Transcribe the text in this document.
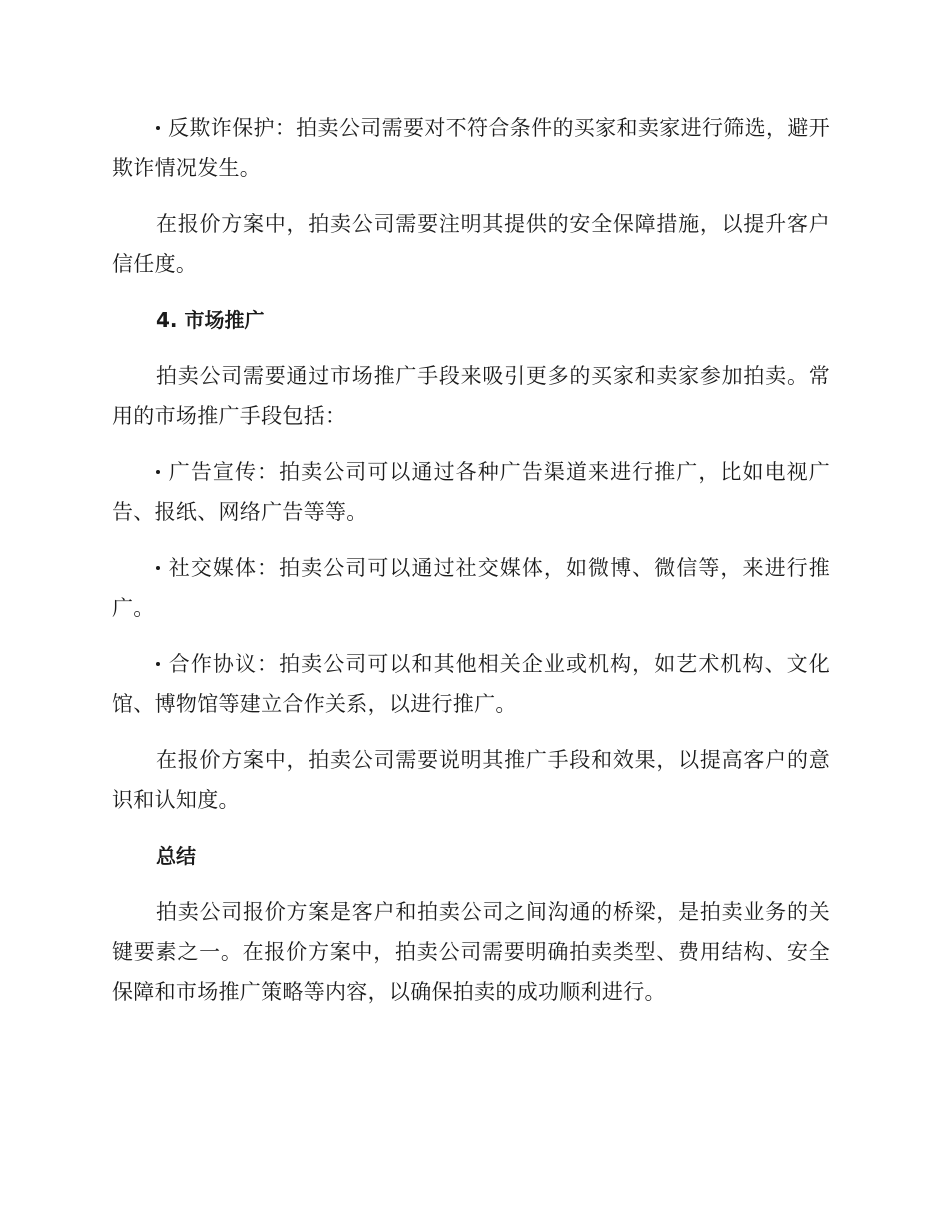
反欺诈保护：拍卖公司需要对不符合条件的买家和卖家进行筛选，避开欺诈情况发生。

在报价方案中，拍卖公司需要注明其提供的安全保障措施，以提升客户信任度。

4. 市场推广

拍卖公司需要通过市场推广手段来吸引更多的买家和卖家参加拍卖。常用的市场推广手段包括：

广告宣传：拍卖公司可以通过各种广告渠道来进行推广，比如电视广告、报纸、网络广告等等。

社交媒体：拍卖公司可以通过社交媒体，如微博、微信等，来进行推广。

合作协议：拍卖公司可以和其他相关企业或机构，如艺术机构、文化馆、博物馆等建立合作关系，以进行推广。

在报价方案中，拍卖公司需要说明其推广手段和效果，以提高客户的意识和认知度。

总结

拍卖公司报价方案是客户和拍卖公司之间沟通的桥梁，是拍卖业务的关键要素之一。在报价方案中，拍卖公司需要明确拍卖类型、费用结构、安全保障和市场推广策略等内容，以确保拍卖的成功顺利进行。
